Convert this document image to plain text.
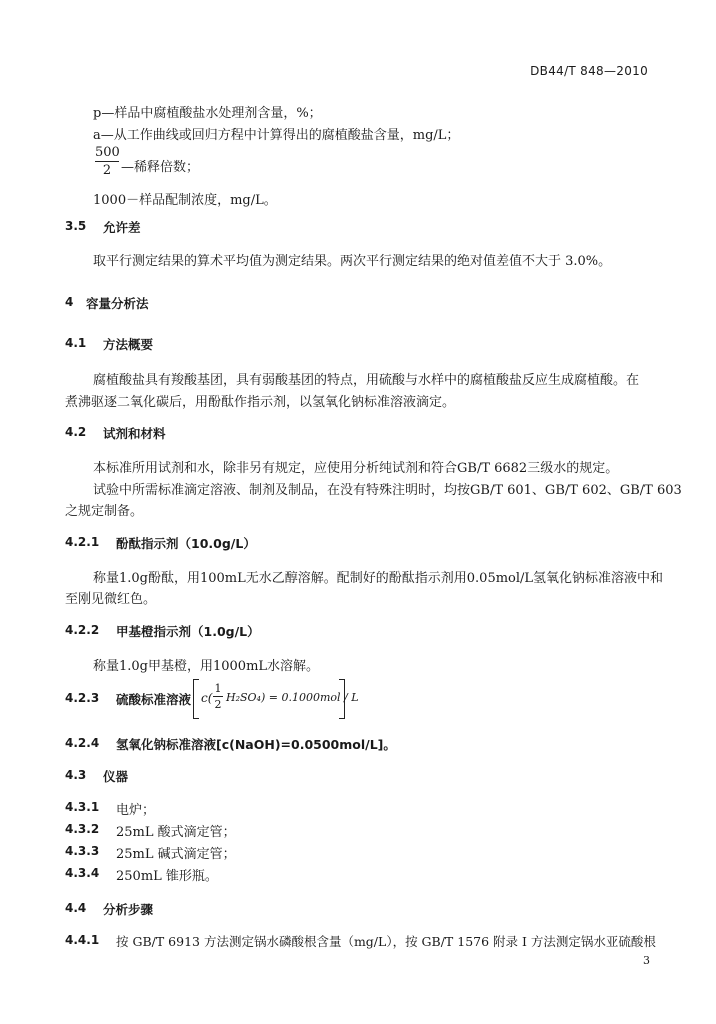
DB44/T 848—2010
p—样品中腐植酸盐水处理剂含量，%；
a—从工作曲线或回归方程中计算得出的腐植酸盐含量，mg/L；
500
2 —稀释倍数；
1000－样品配制浓度，mg/L。
3.5 允许差
取平行测定结果的算术平均值为测定结果。两次平行测定结果的绝对值差值不大于 3.0%。
4 容量分析法
4.1 方法概要
腐植酸盐具有羧酸基团，具有弱酸基团的特点，用硫酸与水样中的腐植酸盐反应生成腐植酸。在
煮沸驱逐二氧化碳后，用酚酞作指示剂，以氢氧化钠标准溶液滴定。
4.2 试剂和材料
本标准所用试剂和水，除非另有规定，应使用分析纯试剂和符合GB/T 6682三级水的规定。
试验中所需标准滴定溶液、制剂及制品，在没有特殊注明时，均按GB/T 601、GB/T 602、GB/T 603
之规定制备。
4.2.1 酚酞指示剂（10.0g/L）
称量1.0g酚酞，用100mL无水乙醇溶解。配制好的酚酞指示剂用0.05mol/L氢氧化钠标准溶液中和
至刚见微红色。
4.2.2 甲基橙指示剂（1.0g/L）
称量1.0g甲基橙，用1000mL水溶解。
4.2.3 硫酸标准溶液 c(
1
2
H₂SO₄) = 0.1000mol / L
4.2.4 氢氧化钠标准溶液[c(NaOH)=0.0500mol/L]。
4.3 仪器
4.3.1 电炉；
4.3.2 25mL 酸式滴定管；
4.3.3 25mL 碱式滴定管；
4.3.4 250mL 锥形瓶。
4.4 分析步骤
4.4.1 按 GB/T 6913 方法测定锅水磷酸根含量（mg/L），按 GB/T 1576 附录 I 方法测定锅水亚硫酸根
3
